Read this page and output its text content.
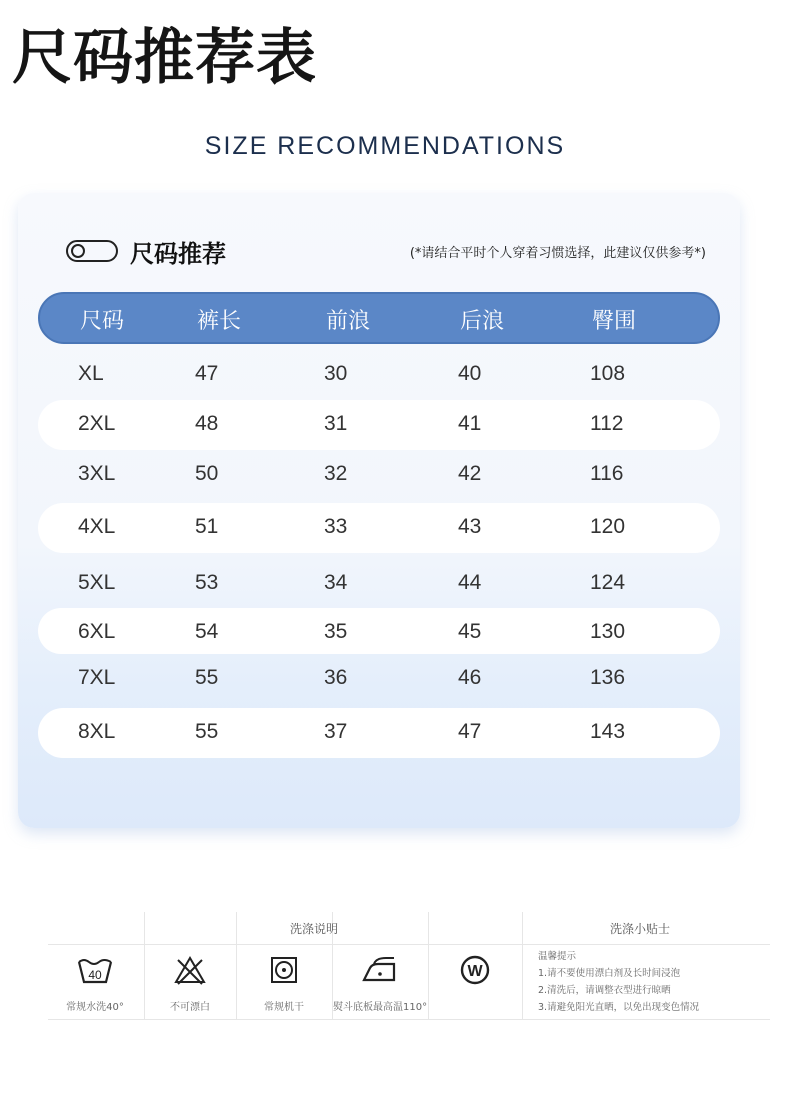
尺码推荐表
SIZE RECOMMENDATIONS
尺码推荐	(*请结合平时个人穿着习惯选择，此建议仅供参考*)
尺码	裤长	前浪	后浪	臀围
XL	47	30	40	108
2XL	48	31	41	112
3XL	50	32	42	116
4XL	51	33	43	120
5XL	53	34	44	124
6XL	54	35	45	130
7XL	55	36	46	136
8XL	55	37	47	143
洗涤说明	洗涤小贴士
40
常规水洗40°	不可漂白	常规机干	熨斗底板最高温110°
W
温馨提示
1.请不要使用漂白剂及长时间浸泡
2.清洗后，请调整衣型进行晾晒
3.请避免阳光直晒，以免出现变色情况
